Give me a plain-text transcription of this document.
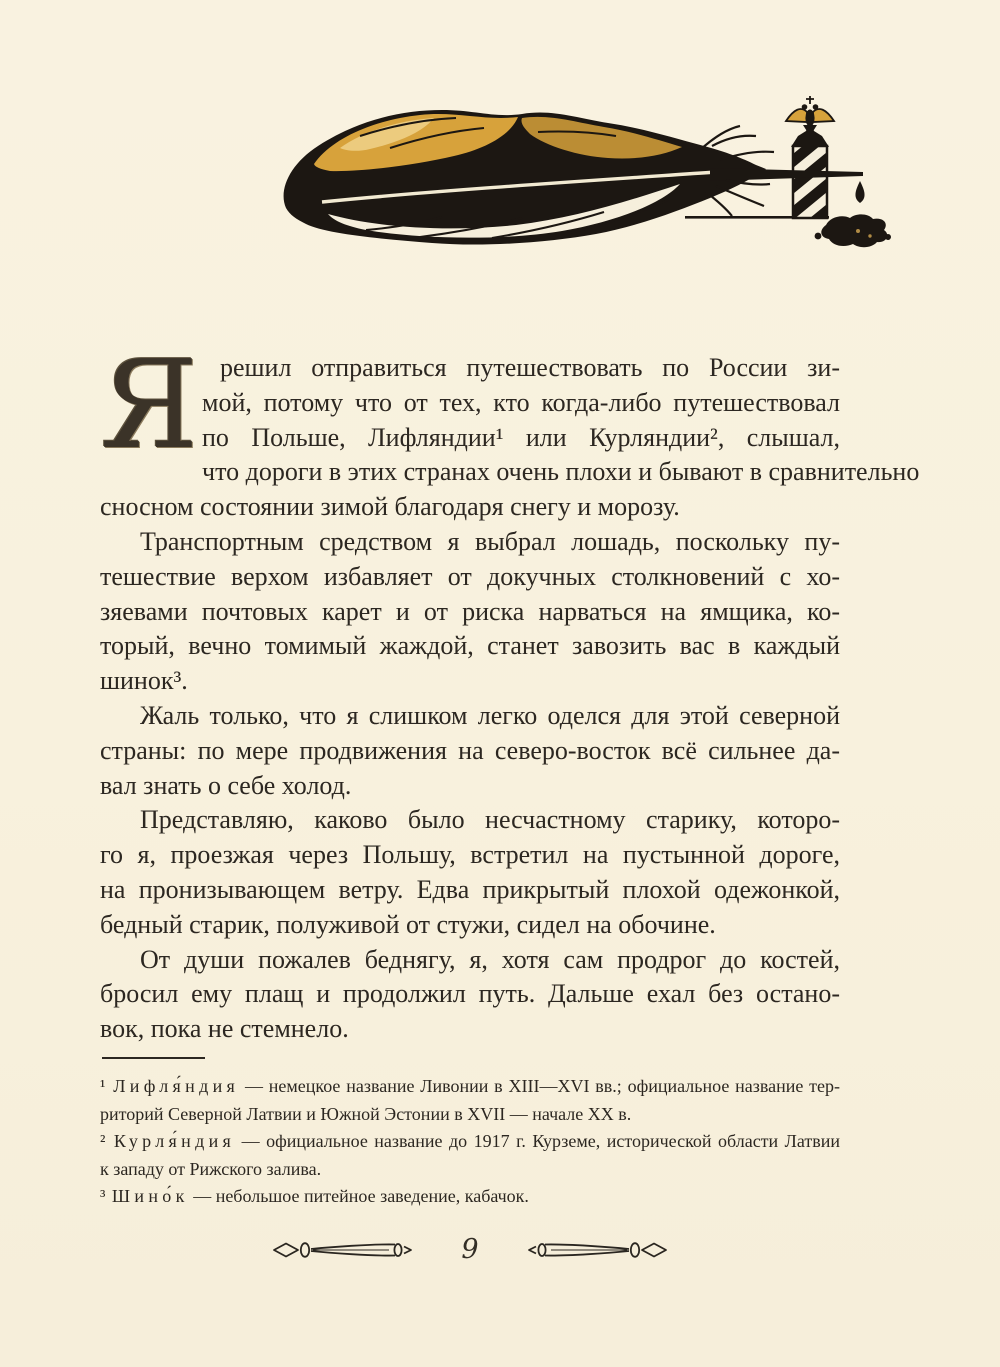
Я решил отправиться путешествовать по России зи-
мой, потому что от тех, кто когда-либо путешествовал
по Польше, Лифляндии¹ или Курляндии², слышал,
что дороги в этих странах очень плохи и бывают в сравнительно
сносном состоянии зимой благодаря снегу и морозу.
Транспортным средством я выбрал лошадь, поскольку пу-
тешествие верхом избавляет от докучных столкновений с хо-
зяевами почтовых карет и от риска нарваться на ямщика, ко-
торый, вечно томимый жаждой, станет завозить вас в каждый
шинок³.
Жаль только, что я слишком легко оделся для этой северной
страны: по мере продвижения на северо-восток всё сильнее да-
вал знать о себе холод.
Представляю, каково было несчастному старику, которо-
го я, проезжая через Польшу, встретил на пустынной дороге,
на пронизывающем ветру. Едва прикрытый плохой одежонкой,
бедный старик, полуживой от стужи, сидел на обочине.
От души пожалев беднягу, я, хотя сам продрог до костей,
бросил ему плащ и продолжил путь. Дальше ехал без остано-
вок, пока не стемнело.
¹ Лифля́ндия — немецкое название Ливонии в XIII—XVI вв.; официальное название тер-
риторий Северной Латвии и Южной Эстонии в XVII — начале XX в.
² Курля́ндия — официальное название до 1917 г. Курземе, исторической области Латвии
к западу от Рижского залива.
³ Шино́к — небольшое питейное заведение, кабачок.
9
